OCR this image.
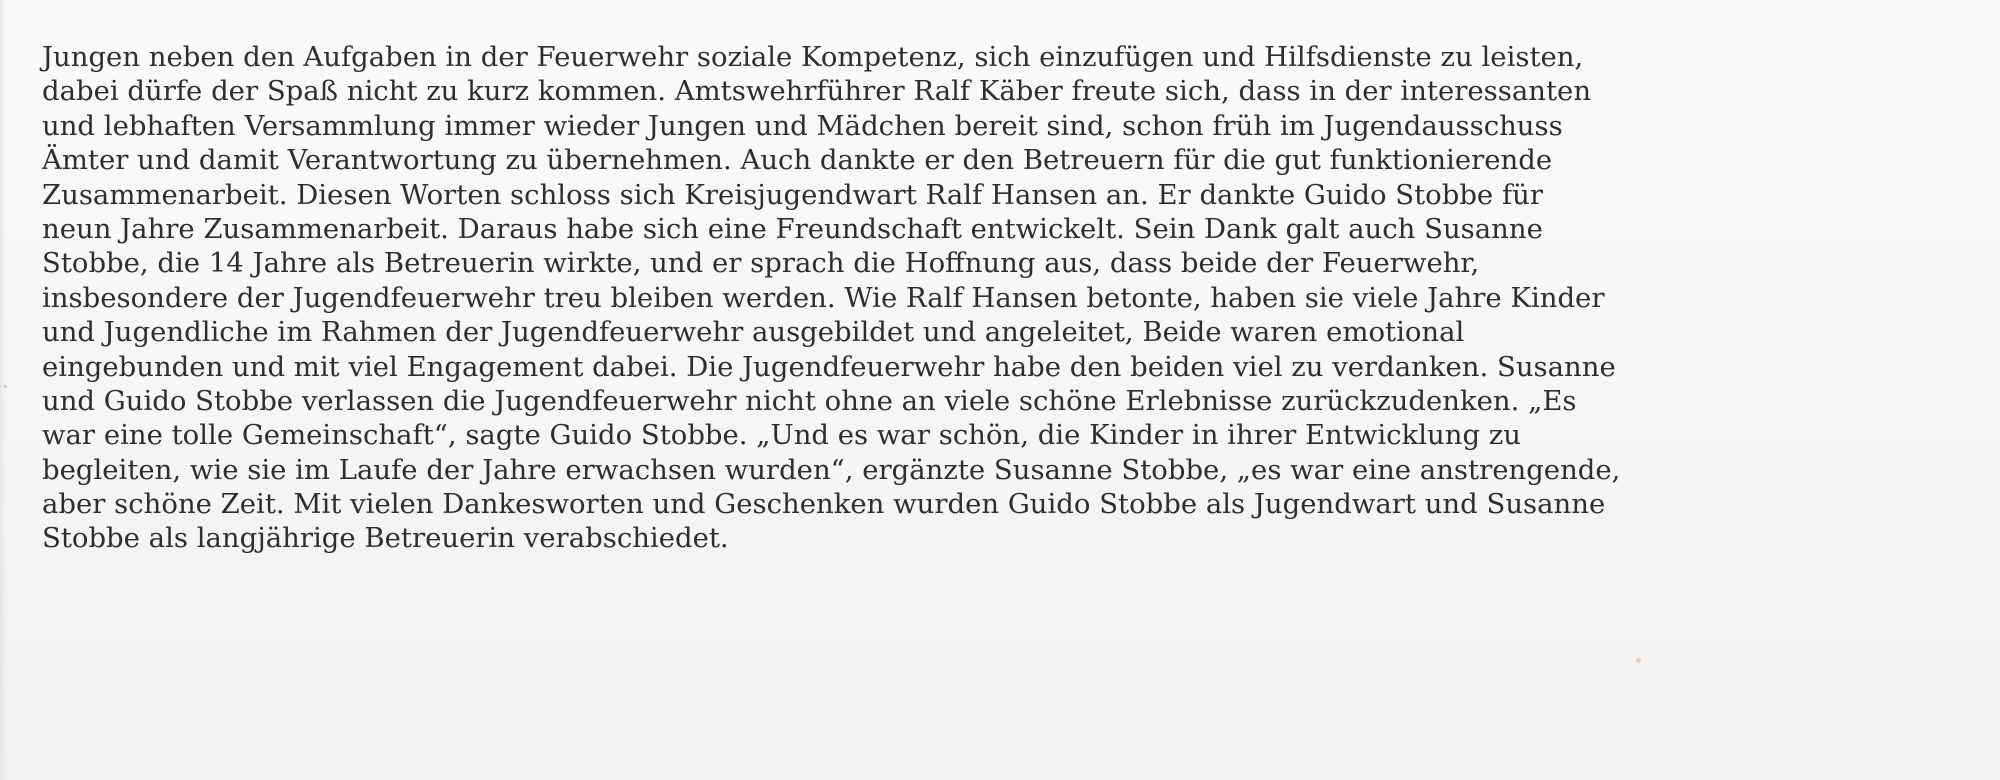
Jungen neben den Aufgaben in der Feuerwehr soziale Kompetenz, sich einzufügen und Hilfsdienste zu leisten,
dabei dürfe der Spaß nicht zu kurz kommen. Amtswehrführer Ralf Käber freute sich, dass in der interessanten
und lebhaften Versammlung immer wieder Jungen und Mädchen bereit sind, schon früh im Jugendausschuss
Ämter und damit Verantwortung zu übernehmen. Auch dankte er den Betreuern für die gut funktionierende
Zusammenarbeit. Diesen Worten schloss sich Kreisjugendwart Ralf Hansen an. Er dankte Guido Stobbe für
neun Jahre Zusammenarbeit. Daraus habe sich eine Freundschaft entwickelt. Sein Dank galt auch Susanne
Stobbe, die 14 Jahre als Betreuerin wirkte, und er sprach die Hoffnung aus, dass beide der Feuerwehr,
insbesondere der Jugendfeuerwehr treu bleiben werden. Wie Ralf Hansen betonte, haben sie viele Jahre Kinder
und Jugendliche im Rahmen der Jugendfeuerwehr ausgebildet und angeleitet, Beide waren emotional
eingebunden und mit viel Engagement dabei. Die Jugendfeuerwehr habe den beiden viel zu verdanken. Susanne
und Guido Stobbe verlassen die Jugendfeuerwehr nicht ohne an viele schöne Erlebnisse zurückzudenken. „Es
war eine tolle Gemeinschaft“, sagte Guido Stobbe. „Und es war schön, die Kinder in ihrer Entwicklung zu
begleiten, wie sie im Laufe der Jahre erwachsen wurden“, ergänzte Susanne Stobbe, „es war eine anstrengende,
aber schöne Zeit. Mit vielen Dankesworten und Geschenken wurden Guido Stobbe als Jugendwart und Susanne
Stobbe als langjährige Betreuerin verabschiedet.
